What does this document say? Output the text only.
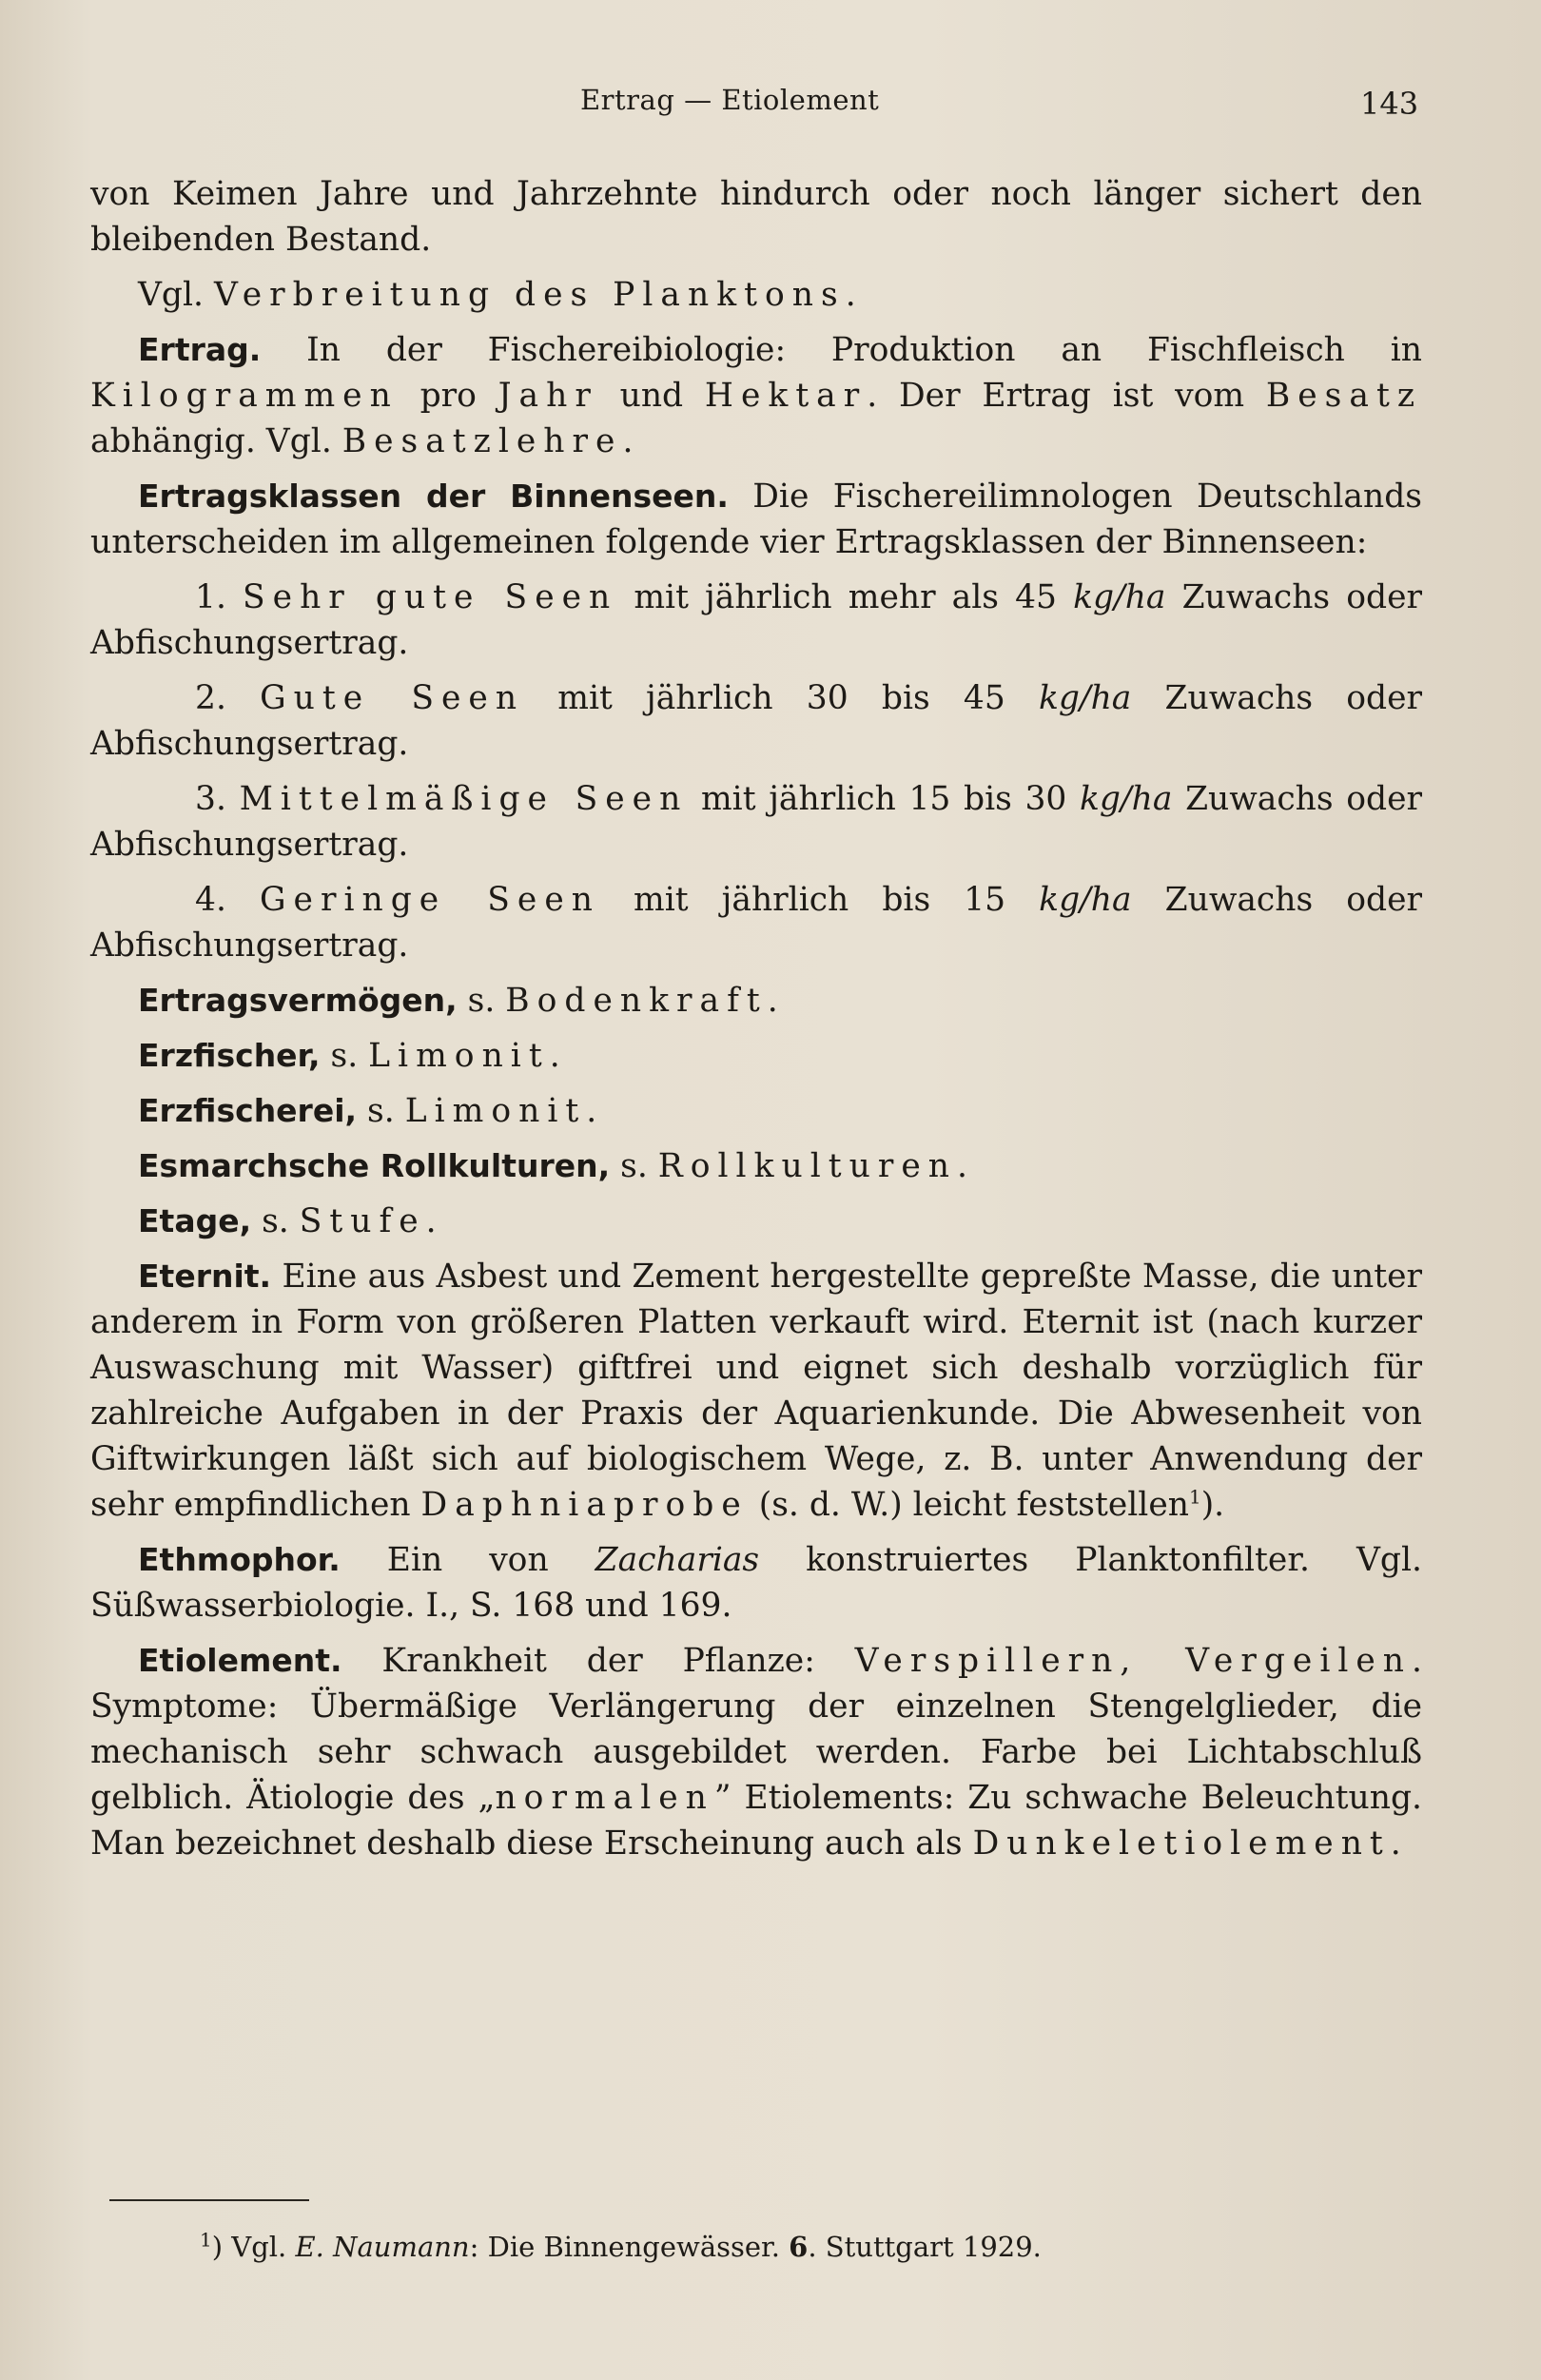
Ertrag — Etiolement	143

von Keimen Jahre und Jahrzehnte hindurch oder noch länger sichert den bleibenden Bestand.

Vgl. Verbreitung des Planktons.

Ertrag. In der Fischereibiologie: Produktion an Fischfleisch in Kilogrammen pro Jahr und Hektar. Der Ertrag ist vom Besatz abhängig. Vgl. Besatzlehre.

Ertragsklassen der Binnenseen. Die Fischereilimnologen Deutschlands unterscheiden im allgemeinen folgende vier Ertragsklassen der Binnenseen:

1. Sehr gute Seen mit jährlich mehr als 45 kg/ha Zuwachs oder Abfischungsertrag.

2. Gute Seen mit jährlich 30 bis 45 kg/ha Zuwachs oder Abfischungsertrag.

3. Mittelmäßige Seen mit jährlich 15 bis 30 kg/ha Zuwachs oder Abfischungsertrag.

4. Geringe Seen mit jährlich bis 15 kg/ha Zuwachs oder Abfischungsertrag.

Ertragsvermögen, s. Bodenkraft.

Erzfischer, s. Limonit.

Erzfischerei, s. Limonit.

Esmarchsche Rollkulturen, s. Rollkulturen.

Etage, s. Stufe.

Eternit. Eine aus Asbest und Zement hergestellte gepreßte Masse, die unter anderem in Form von größeren Platten verkauft wird. Eternit ist (nach kurzer Auswaschung mit Wasser) giftfrei und eignet sich deshalb vorzüglich für zahlreiche Aufgaben in der Praxis der Aquarienkunde. Die Abwesenheit von Giftwirkungen läßt sich auf biologischem Wege, z. B. unter Anwendung der sehr empfindlichen Daphniaprobe (s. d. W.) leicht feststellen$^1$).

Ethmophor. Ein von Zacharias konstruiertes Planktonfilter. Vgl. Süßwasserbiologie. I., S. 168 und 169.

Etiolement. Krankheit der Pflanze: Verspillern, Vergeilen. Symptome: Übermäßige Verlängerung der einzelnen Stengelglieder, die mechanisch sehr schwach ausgebildet werden. Farbe bei Lichtabschluß gelblich. Ätiologie des „normalen” Etiolements: Zu schwache Beleuchtung. Man bezeichnet deshalb diese Erscheinung auch als Dunkeletiolement.

$^1$) Vgl. E. Naumann: Die Binnengewässer. 6. Stuttgart 1929.
